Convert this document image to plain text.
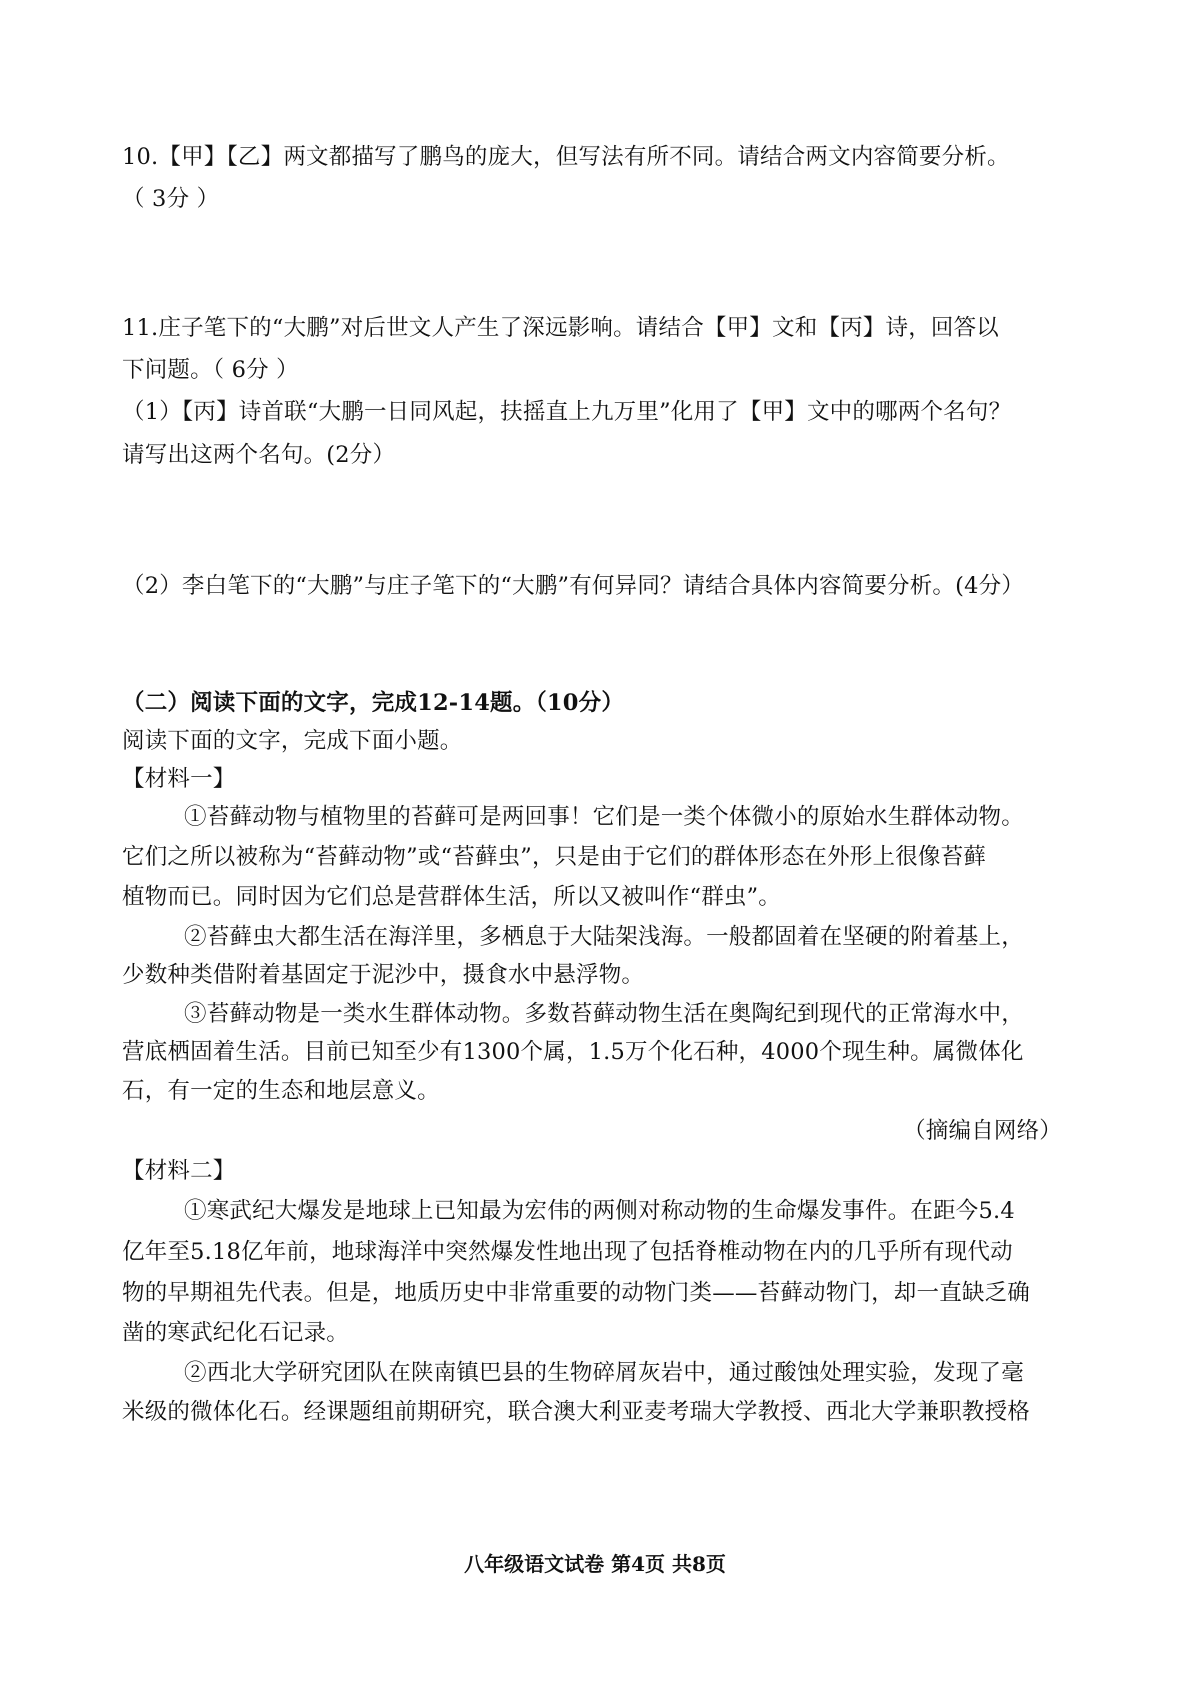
10.【甲】【乙】两文都描写了鹏鸟的庞大，但写法有所不同。请结合两文内容简要分析。
（ 3分 ）
11.庄子笔下的“大鹏”对后世文人产生了深远影响。请结合【甲】文和【丙】诗，回答以
下问题。（ 6分 ）
（1）【丙】诗首联“大鹏一日同风起，扶摇直上九万里”化用了【甲】文中的哪两个名句？
请写出这两个名句。(2分）
（2）李白笔下的“大鹏”与庄子笔下的“大鹏”有何异同？请结合具体内容简要分析。(4分）
（二）阅读下面的文字，完成12-14题。（10分）
阅读下面的文字，完成下面小题。
【材料一】
①苔藓动物与植物里的苔藓可是两回事！它们是一类个体微小的原始水生群体动物。
它们之所以被称为“苔藓动物”或“苔藓虫”，只是由于它们的群体形态在外形上很像苔藓
植物而已。同时因为它们总是营群体生活，所以又被叫作“群虫”。
②苔藓虫大都生活在海洋里，多栖息于大陆架浅海。一般都固着在坚硬的附着基上，
少数种类借附着基固定于泥沙中，摄食水中悬浮物。
③苔藓动物是一类水生群体动物。多数苔藓动物生活在奥陶纪到现代的正常海水中，
营底栖固着生活。目前已知至少有1300个属，1.5万个化石种，4000个现生种。属微体化
石，有一定的生态和地层意义。
（摘编自网络）
【材料二】
①寒武纪大爆发是地球上已知最为宏伟的两侧对称动物的生命爆发事件。在距今5.4
亿年至5.18亿年前，地球海洋中突然爆发性地出现了包括脊椎动物在内的几乎所有现代动
物的早期祖先代表。但是，地质历史中非常重要的动物门类——苔藓动物门，却一直缺乏确
凿的寒武纪化石记录。
②西北大学研究团队在陕南镇巴县的生物碎屑灰岩中，通过酸蚀处理实验，发现了毫
米级的微体化石。经课题组前期研究，联合澳大利亚麦考瑞大学教授、西北大学兼职教授格
八年级语文试卷 第4页 共8页
